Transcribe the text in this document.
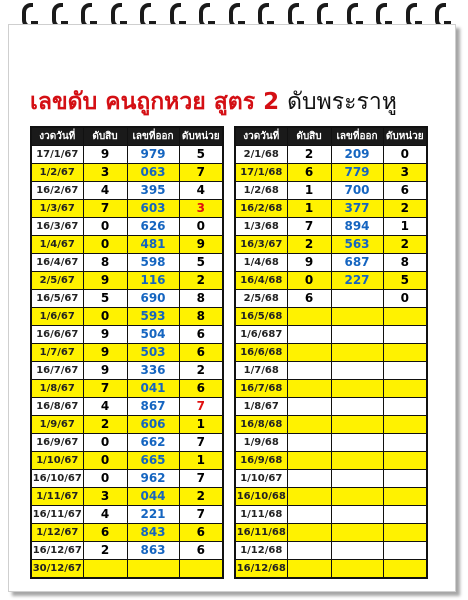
เลขดับ คนถูกหวย สูตร 2 ดับพระราหู
งวดวันที่	ดับสิบ	เลขที่ออก	ดับหน่วย
17/1/67	9	979	5
1/2/67	3	063	7
16/2/67	4	395	4
1/3/67	7	603	3
16/3/67	0	626	0
1/4/67	0	481	9
16/4/67	8	598	5
2/5/67	9	116	2
16/5/67	5	690	8
1/6/67	0	593	8
16/6/67	9	504	6
1/7/67	9	503	6
16/7/67	9	336	2
1/8/67	7	041	6
16/8/67	4	867	7
1/9/67	2	606	1
16/9/67	0	662	7
1/10/67	0	665	1
16/10/67	0	962	7
1/11/67	3	044	2
16/11/67	4	221	7
1/12/67	6	843	6
16/12/67	2	863	6
30/12/67			
งวดวันที่	ดับสิบ	เลขที่ออก	ดับหน่วย
2/1/68	2	209	0
17/1/68	6	779	3
1/2/68	1	700	6
16/2/68	1	377	2
1/3/68	7	894	1
16/3/67	2	563	2
1/4/68	9	687	8
16/4/68	0	227	5
2/5/68	6		0
16/5/68			
1/6/687			
16/6/68			
1/7/68			
16/7/68			
1/8/67			
16/8/68			
1/9/68			
16/9/68			
1/10/67			
16/10/68			
1/11/68			
16/11/68			
1/12/68			
16/12/68			
